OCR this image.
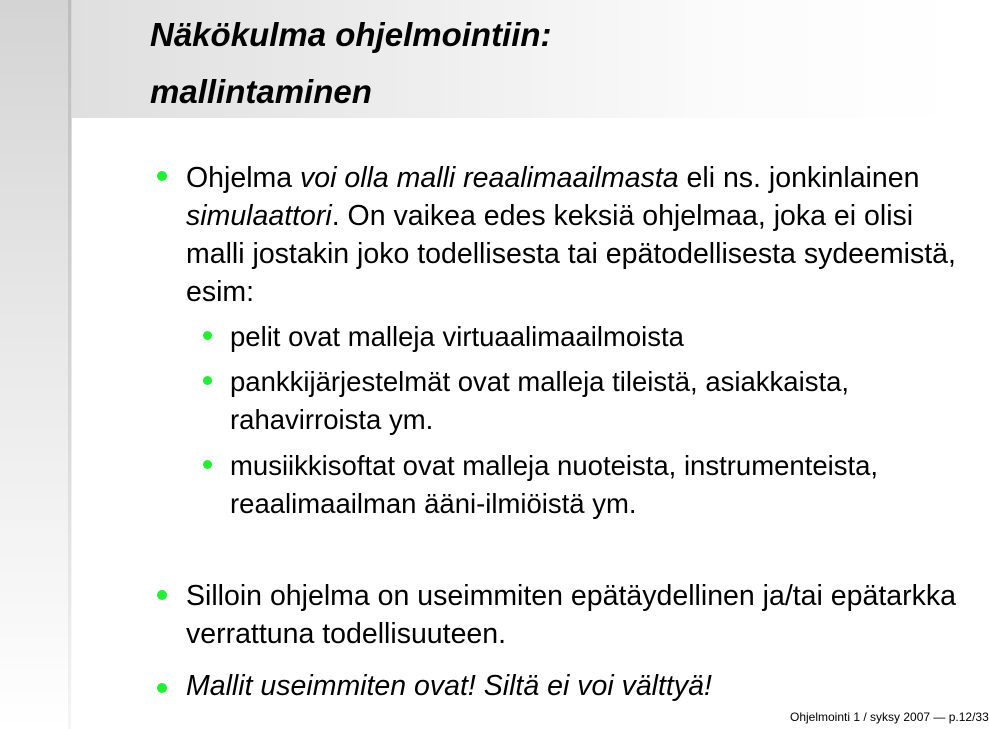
Näkökulma ohjelmointiin:
mallintaminen

Ohjelma voi olla malli reaalimaailmasta eli ns. jonkinlainen simulaattori. On vaikea edes keksiä ohjelmaa, joka ei olisi malli jostakin joko todellisesta tai epätodellisesta sydeemistä, esim:

pelit ovat malleja virtuaalimaailmoista

pankkijärjestelmät ovat malleja tileistä, asiakkaista, rahavirroista ym.

musiikkisoftat ovat malleja nuoteista, instrumenteista, reaalimaailman ääni-ilmiöistä ym.

Silloin ohjelma on useimmiten epätäydellinen ja/tai epätarkka verrattuna todellisuuteen.

Mallit useimmiten ovat! Siltä ei voi välttyä!

Ohjelmointi 1 / syksy 2007 — p.12/33
